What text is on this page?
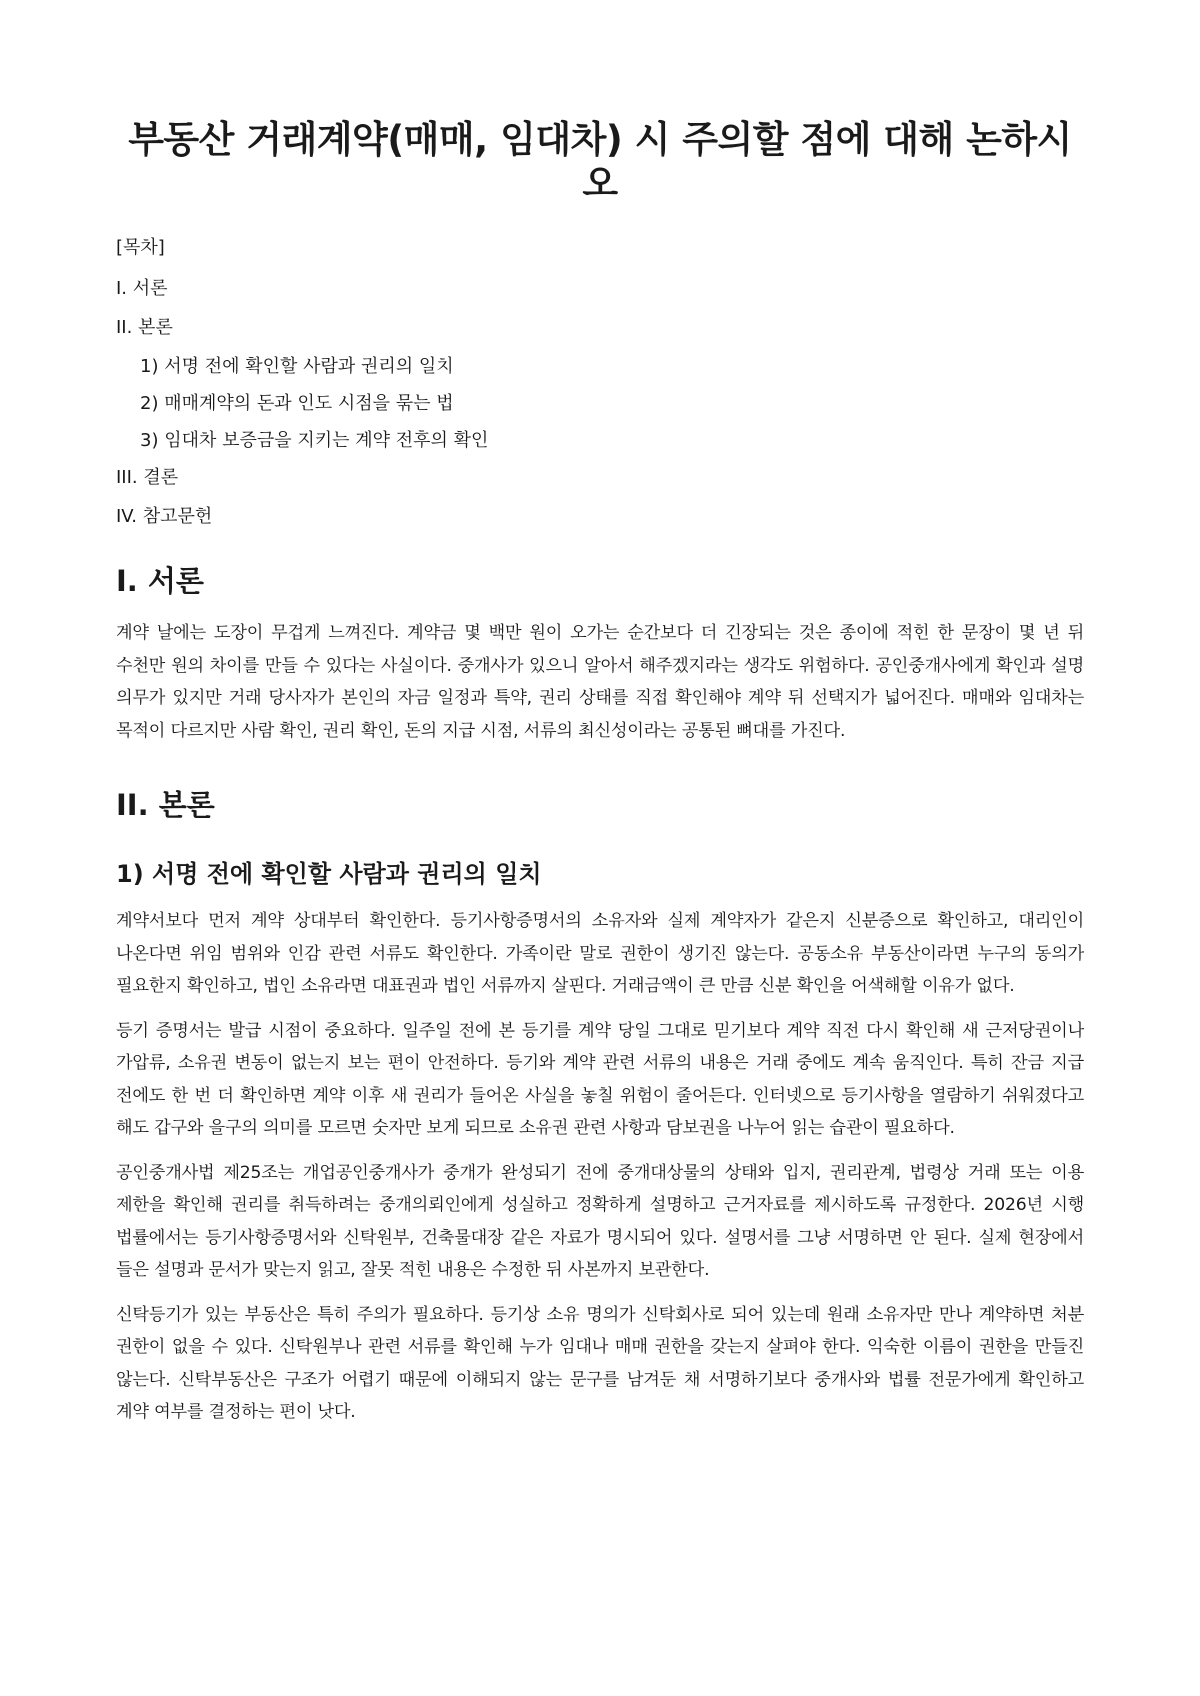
부동산 거래계약(매매, 임대차) 시 주의할 점에 대해 논하시오
[목차]
I. 서론
II. 본론
1) 서명 전에 확인할 사람과 권리의 일치
2) 매매계약의 돈과 인도 시점을 묶는 법
3) 임대차 보증금을 지키는 계약 전후의 확인
III. 결론
IV. 참고문헌
I. 서론

계약 날에는 도장이 무겁게 느껴진다. 계약금 몇 백만 원이 오가는 순간보다 더 긴장되는 것은 종이에 적힌 한 문장이 몇 년 뒤 수천만 원의 차이를 만들 수 있다는 사실이다. 중개사가 있으니 알아서 해주겠지라는 생각도 위험하다. 공인중개사에게 확인과 설명 의무가 있지만 거래 당사자가 본인의 자금 일정과 특약, 권리 상태를 직접 확인해야 계약 뒤 선택지가 넓어진다. 매매와 임대차는 목적이 다르지만 사람 확인, 권리 확인, 돈의 지급 시점, 서류의 최신성이라는 공통된 뼈대를 가진다.

II. 본론
1) 서명 전에 확인할 사람과 권리의 일치

계약서보다 먼저 계약 상대부터 확인한다. 등기사항증명서의 소유자와 실제 계약자가 같은지 신분증으로 확인하고, 대리인이 나온다면 위임 범위와 인감 관련 서류도 확인한다. 가족이란 말로 권한이 생기진 않는다. 공동소유 부동산이라면 누구의 동의가 필요한지 확인하고, 법인 소유라면 대표권과 법인 서류까지 살핀다. 거래금액이 큰 만큼 신분 확인을 어색해할 이유가 없다.

등기 증명서는 발급 시점이 중요하다. 일주일 전에 본 등기를 계약 당일 그대로 믿기보다 계약 직전 다시 확인해 새 근저당권이나 가압류, 소유권 변동이 없는지 보는 편이 안전하다. 등기와 계약 관련 서류의 내용은 거래 중에도 계속 움직인다. 특히 잔금 지급 전에도 한 번 더 확인하면 계약 이후 새 권리가 들어온 사실을 놓칠 위험이 줄어든다. 인터넷으로 등기사항을 열람하기 쉬워졌다고 해도 갑구와 을구의 의미를 모르면 숫자만 보게 되므로 소유권 관련 사항과 담보권을 나누어 읽는 습관이 필요하다.

공인중개사법 제25조는 개업공인중개사가 중개가 완성되기 전에 중개대상물의 상태와 입지, 권리관계, 법령상 거래 또는 이용 제한을 확인해 권리를 취득하려는 중개의뢰인에게 성실하고 정확하게 설명하고 근거자료를 제시하도록 규정한다. 2026년 시행 법률에서는 등기사항증명서와 신탁원부, 건축물대장 같은 자료가 명시되어 있다. 설명서를 그냥 서명하면 안 된다. 실제 현장에서 들은 설명과 문서가 맞는지 읽고, 잘못 적힌 내용은 수정한 뒤 사본까지 보관한다.

신탁등기가 있는 부동산은 특히 주의가 필요하다. 등기상 소유 명의가 신탁회사로 되어 있는데 원래 소유자만 만나 계약하면 처분 권한이 없을 수 있다. 신탁원부나 관련 서류를 확인해 누가 임대나 매매 권한을 갖는지 살펴야 한다. 익숙한 이름이 권한을 만들진 않는다. 신탁부동산은 구조가 어렵기 때문에 이해되지 않는 문구를 남겨둔 채 서명하기보다 중개사와 법률 전문가에게 확인하고 계약 여부를 결정하는 편이 낫다.
